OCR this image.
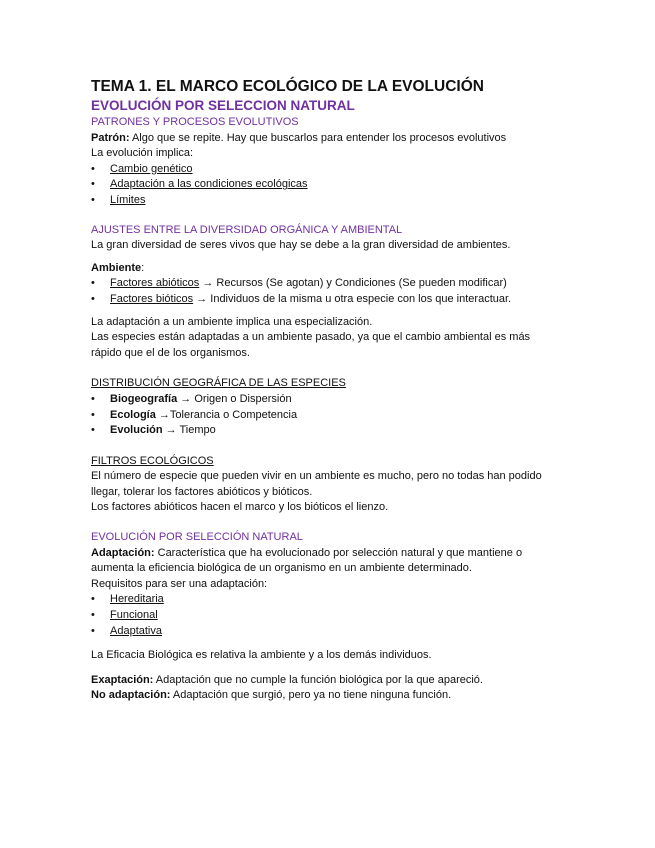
TEMA 1. EL MARCO ECOLÓGICO DE LA EVOLUCIÓN
EVOLUCIÓN POR SELECCION NATURAL
PATRONES Y PROCESOS EVOLUTIVOS

Patrón: Algo que se repite. Hay que buscarlos para entender los procesos evolutivos

La evolución implica:

• Cambio genético
• Adaptación a las condiciones ecológicas
• Límites
AJUSTES ENTRE LA DIVERSIDAD ORGÁNICA Y AMBIENTAL

La gran diversidad de seres vivos que hay se debe a la gran diversidad de ambientes.

Ambiente:

• Factores abióticos → Recursos (Se agotan) y Condiciones (Se pueden modificar)
• Factores bióticos → Individuos de la misma u otra especie con los que interactuar.

La adaptación a un ambiente implica una especialización.

Las especies están adaptadas a un ambiente pasado, ya que el cambio ambiental es más rápido que el de los organismos.

DISTRIBUCIÓN GEOGRÁFICA DE LAS ESPECIES
• Biogeografía → Origen o Dispersión
• Ecología →Tolerancia o Competencia
• Evolución → Tiempo
FILTROS ECOLÓGICOS

El número de especie que pueden vivir en un ambiente es mucho, pero no todas han podido llegar, tolerar los factores abióticos y bióticos.

Los factores abióticos hacen el marco y los bióticos el lienzo.

EVOLUCIÓN POR SELECCIÓN NATURAL

Adaptación: Característica que ha evolucionado por selección natural y que mantiene o aumenta la eficiencia biológica de un organismo en un ambiente determinado.

Requisitos para ser una adaptación:

• Hereditaria
• Funcional
• Adaptativa

La Eficacia Biológica es relativa la ambiente y a los demás individuos.

Exaptación: Adaptación que no cumple la función biológica por la que apareció.

No adaptación: Adaptación que surgió, pero ya no tiene ninguna función.
